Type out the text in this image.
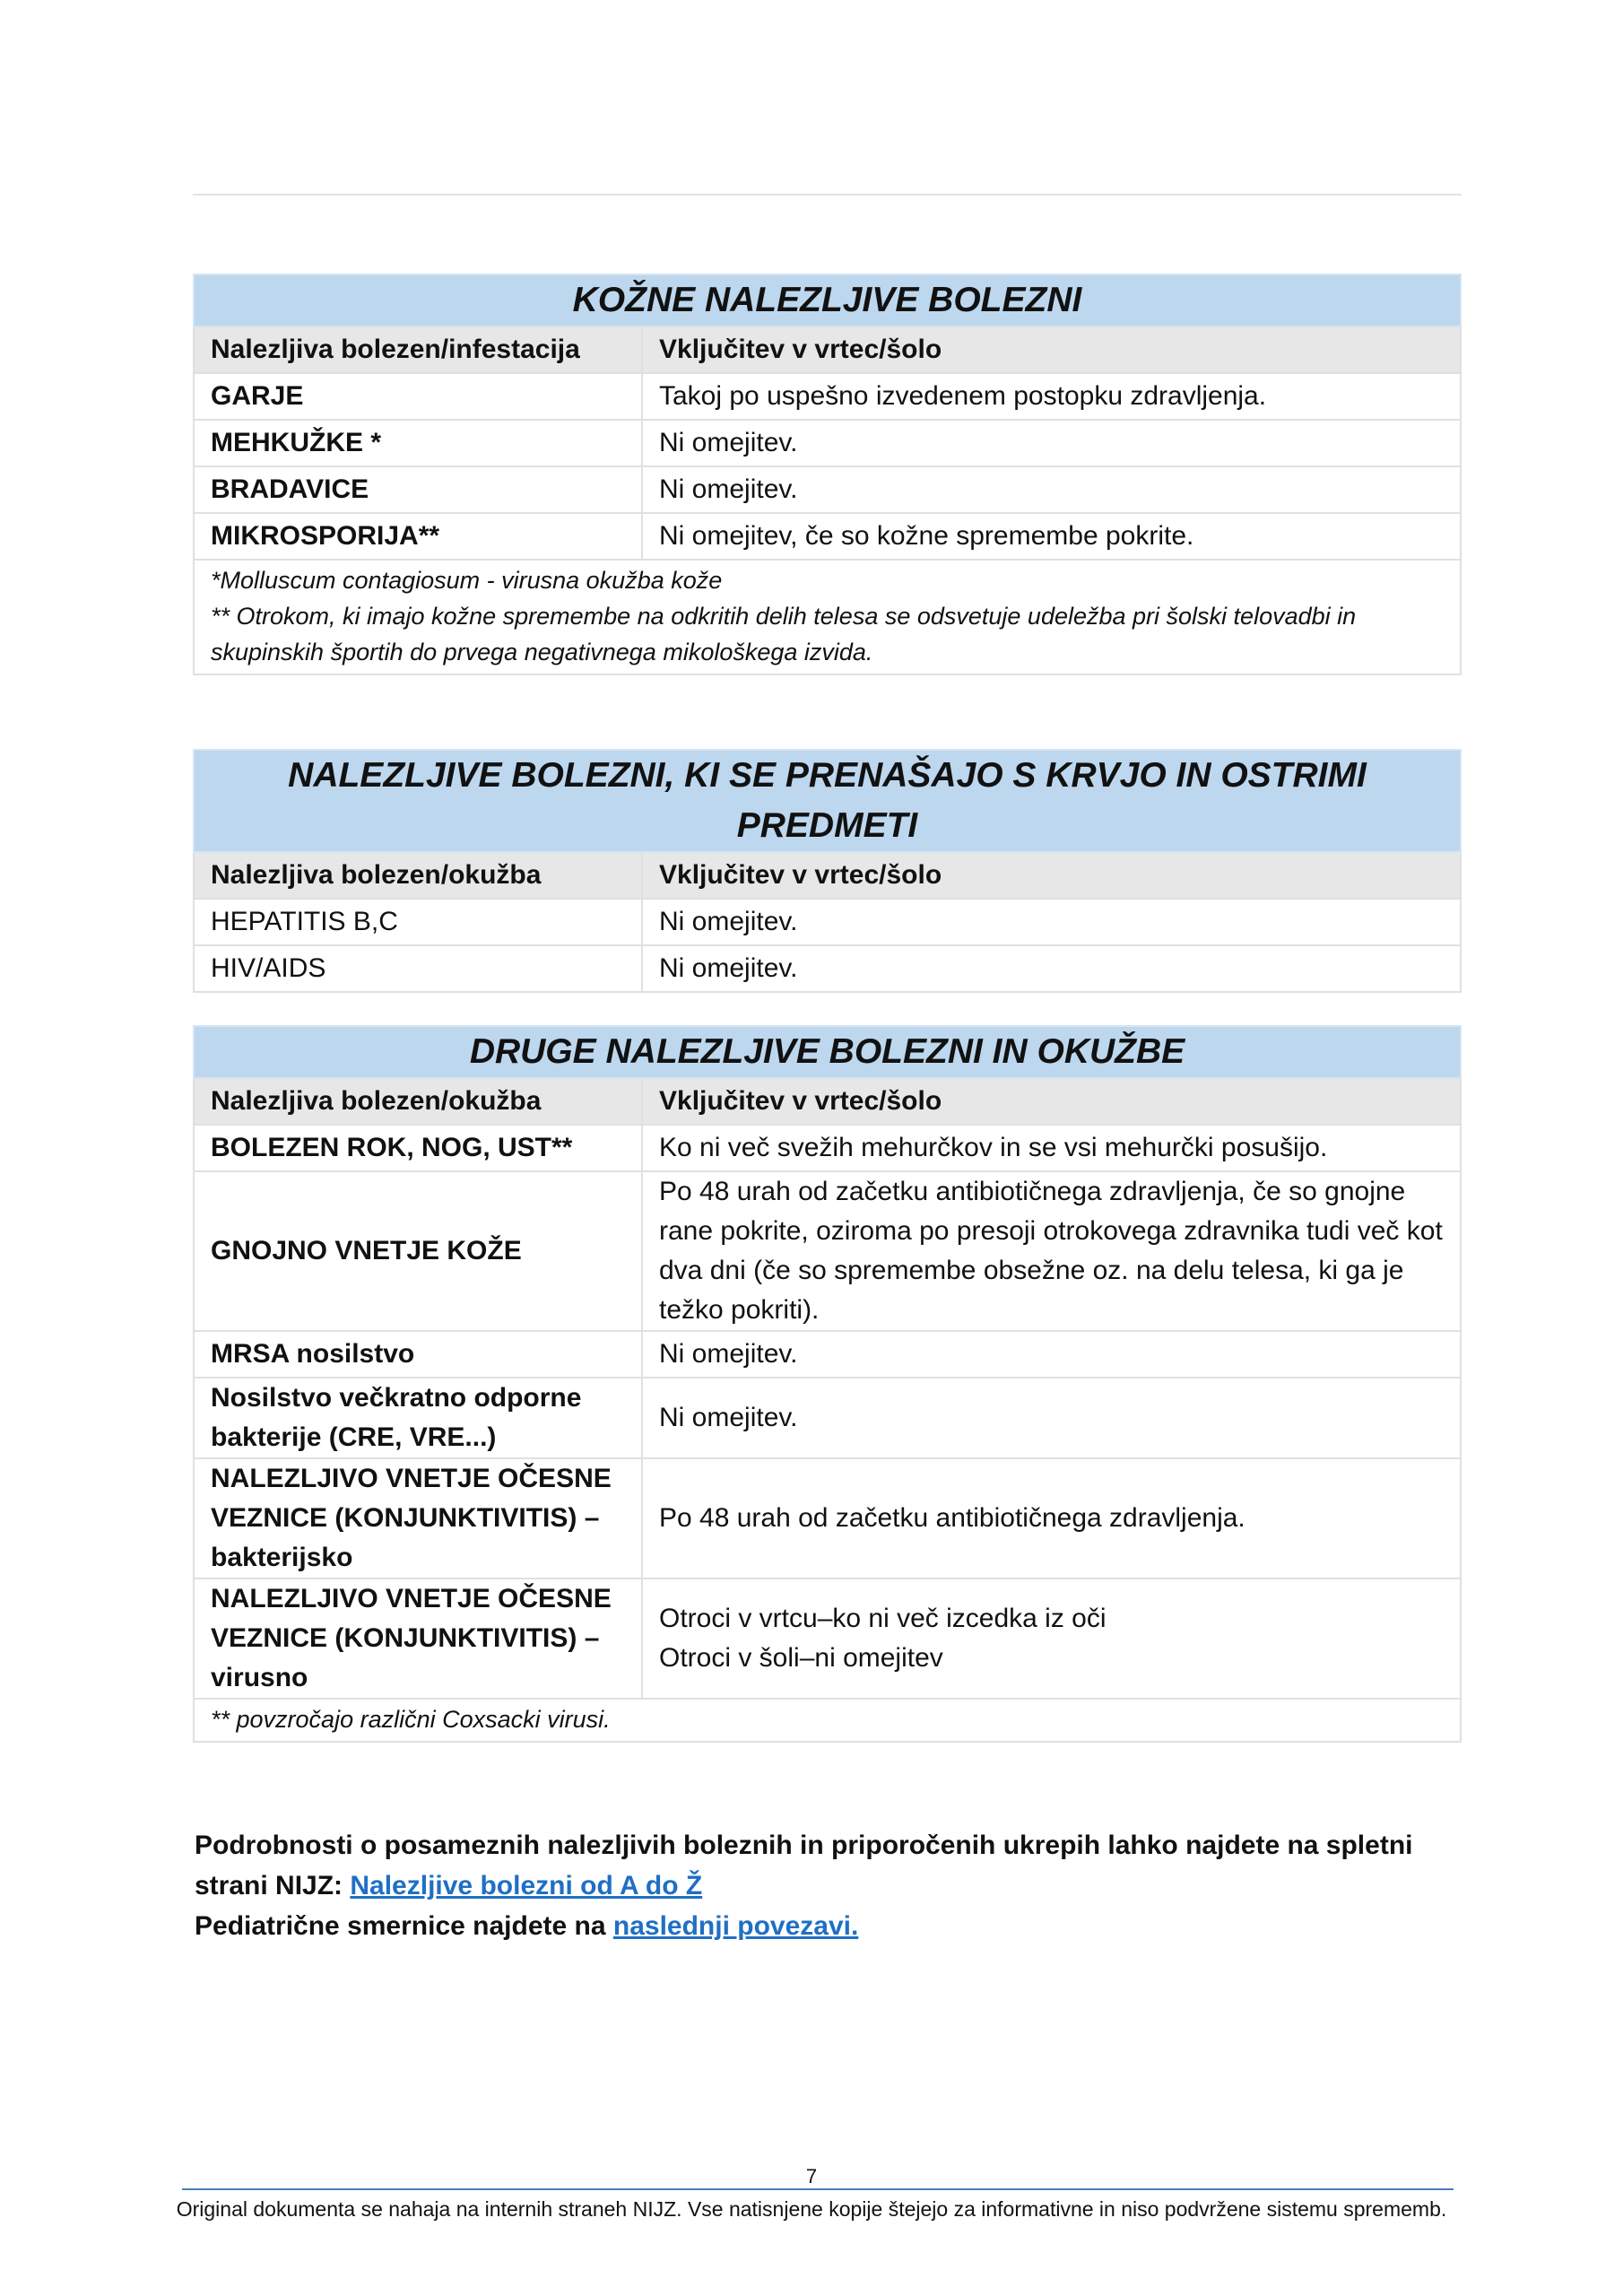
KOŽNE NALEZLJIVE BOLEZNI	
Nalezljiva bolezen/infestacija	Vključitev v vrtec/šolo
GARJE	Takoj po uspešno izvedenem postopku zdravljenja.
MEHKUŽKE *	Ni omejitev.
BRADAVICE	Ni omejitev.
MIKROSPORIJA**	Ni omejitev, če so kožne spremembe pokrite.

*Molluscum contagiosum - virusna okužba kože
** Otrokom, ki imajo kožne spremembe na odkritih delih telesa se odsvetuje udeležba pri šolski telovadbi in skupinskih športih do prvega negativnega mikološkega izvida.	
NALEZLJIVE BOLEZNI, KI SE PRENAŠAJO S KRVJO IN OSTRIMI PREDMETI	
Nalezljiva bolezen/okužba	Vključitev v vrtec/šolo
HEPATITIS B,C	Ni omejitev.
HIV/AIDS	Ni omejitev.
DRUGE NALEZLJIVE BOLEZNI IN OKUŽBE	
Nalezljiva bolezen/okužba	Vključitev v vrtec/šolo
BOLEZEN ROK, NOG, UST**	Ko ni več svežih mehurčkov in se vsi mehurčki posušijo.
GNOJNO VNETJE KOŽE	Po 48 urah od začetku antibiotičnega zdravljenja, če so gnojne rane pokrite, oziroma po presoji otrokovega zdravnika tudi več kot dva dni (če so spremembe obsežne oz. na delu telesa, ki ga je težko pokriti).
MRSA nosilstvo	Ni omejitev.
Nosilstvo večkratno odporne bakterije (CRE, VRE...)	Ni omejitev.
NALEZLJIVO VNETJE OČESNE VEZNICE (KONJUNKTIVITIS) – bakterijsko	Po 48 urah od začetku antibiotičnega zdravljenja.
NALEZLJIVO VNETJE OČESNE VEZNICE (KONJUNKTIVITIS) – virusno	Otroci v vrtcu–ko ni več izcedka iz oči
Otroci v šoli–ni omejitev

** povzročajo različni Coxsacki virusi.	
Podrobnosti o posameznih nalezljivih boleznih in priporočenih ukrepih lahko najdete na spletni
strani NIJZ: Nalezljive bolezni od A do Ž
Pediatrične smernice najdete na naslednji povezavi.
7
Original dokumenta se nahaja na internih straneh NIJZ. Vse natisnjene kopije štejejo za informativne in niso podvržene sistemu sprememb.
